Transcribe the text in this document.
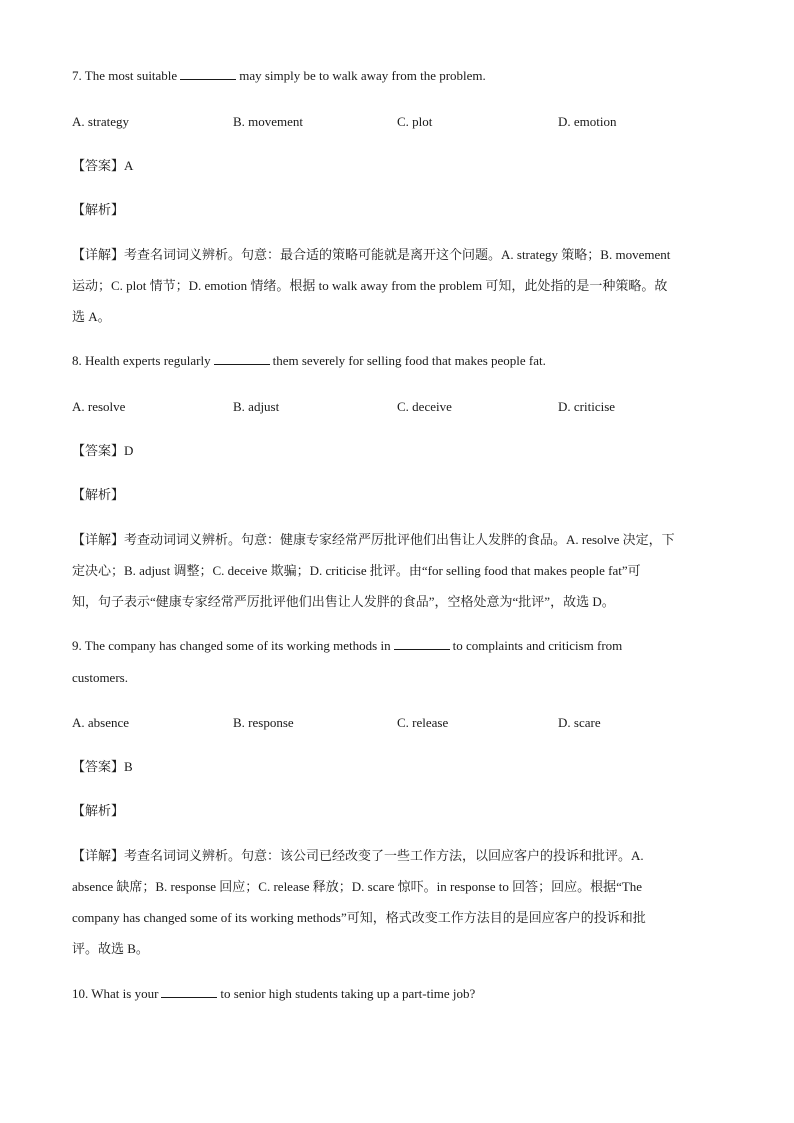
7. The most suitable	may simply be to walk away from the problem.
A. strategy	B. movement	C. plot	D. emotion
【答案】A
【解析】
【详解】考查名词词义辨析。句意：最合适的策略可能就是离开这个问题。A. strategy 策略；B. movement
运动；C. plot 情节；D. emotion 情绪。根据 to walk away from the problem 可知，此处指的是一种策略。故
选 A。
8. Health experts regularly	them severely for selling food that makes people fat.
A. resolve	B. adjust	C. deceive	D. criticise
【答案】D
【解析】
【详解】考查动词词义辨析。句意：健康专家经常严厉批评他们出售让人发胖的食品。A. resolve 决定，下
定决心；B. adjust 调整；C. deceive 欺骗；D. criticise 批评。由“for selling food that makes people fat”可
知，句子表示“健康专家经常严厉批评他们出售让人发胖的食品”，空格处意为“批评”，故选 D。
9. The company has changed some of its working methods in	to complaints and criticism from
customers.
A. absence	B. response	C. release	D. scare
【答案】B
【解析】
【详解】考查名词词义辨析。句意：该公司已经改变了一些工作方法，以回应客户的投诉和批评。A.
absence 缺席；B. response 回应；C. release 释放；D. scare 惊吓。in response to 回答；回应。根据“The
company has changed some of its working methods”可知，格式改变工作方法目的是回应客户的投诉和批
评。故选 B。
10. What is your	to senior high students taking up a part-time job?
